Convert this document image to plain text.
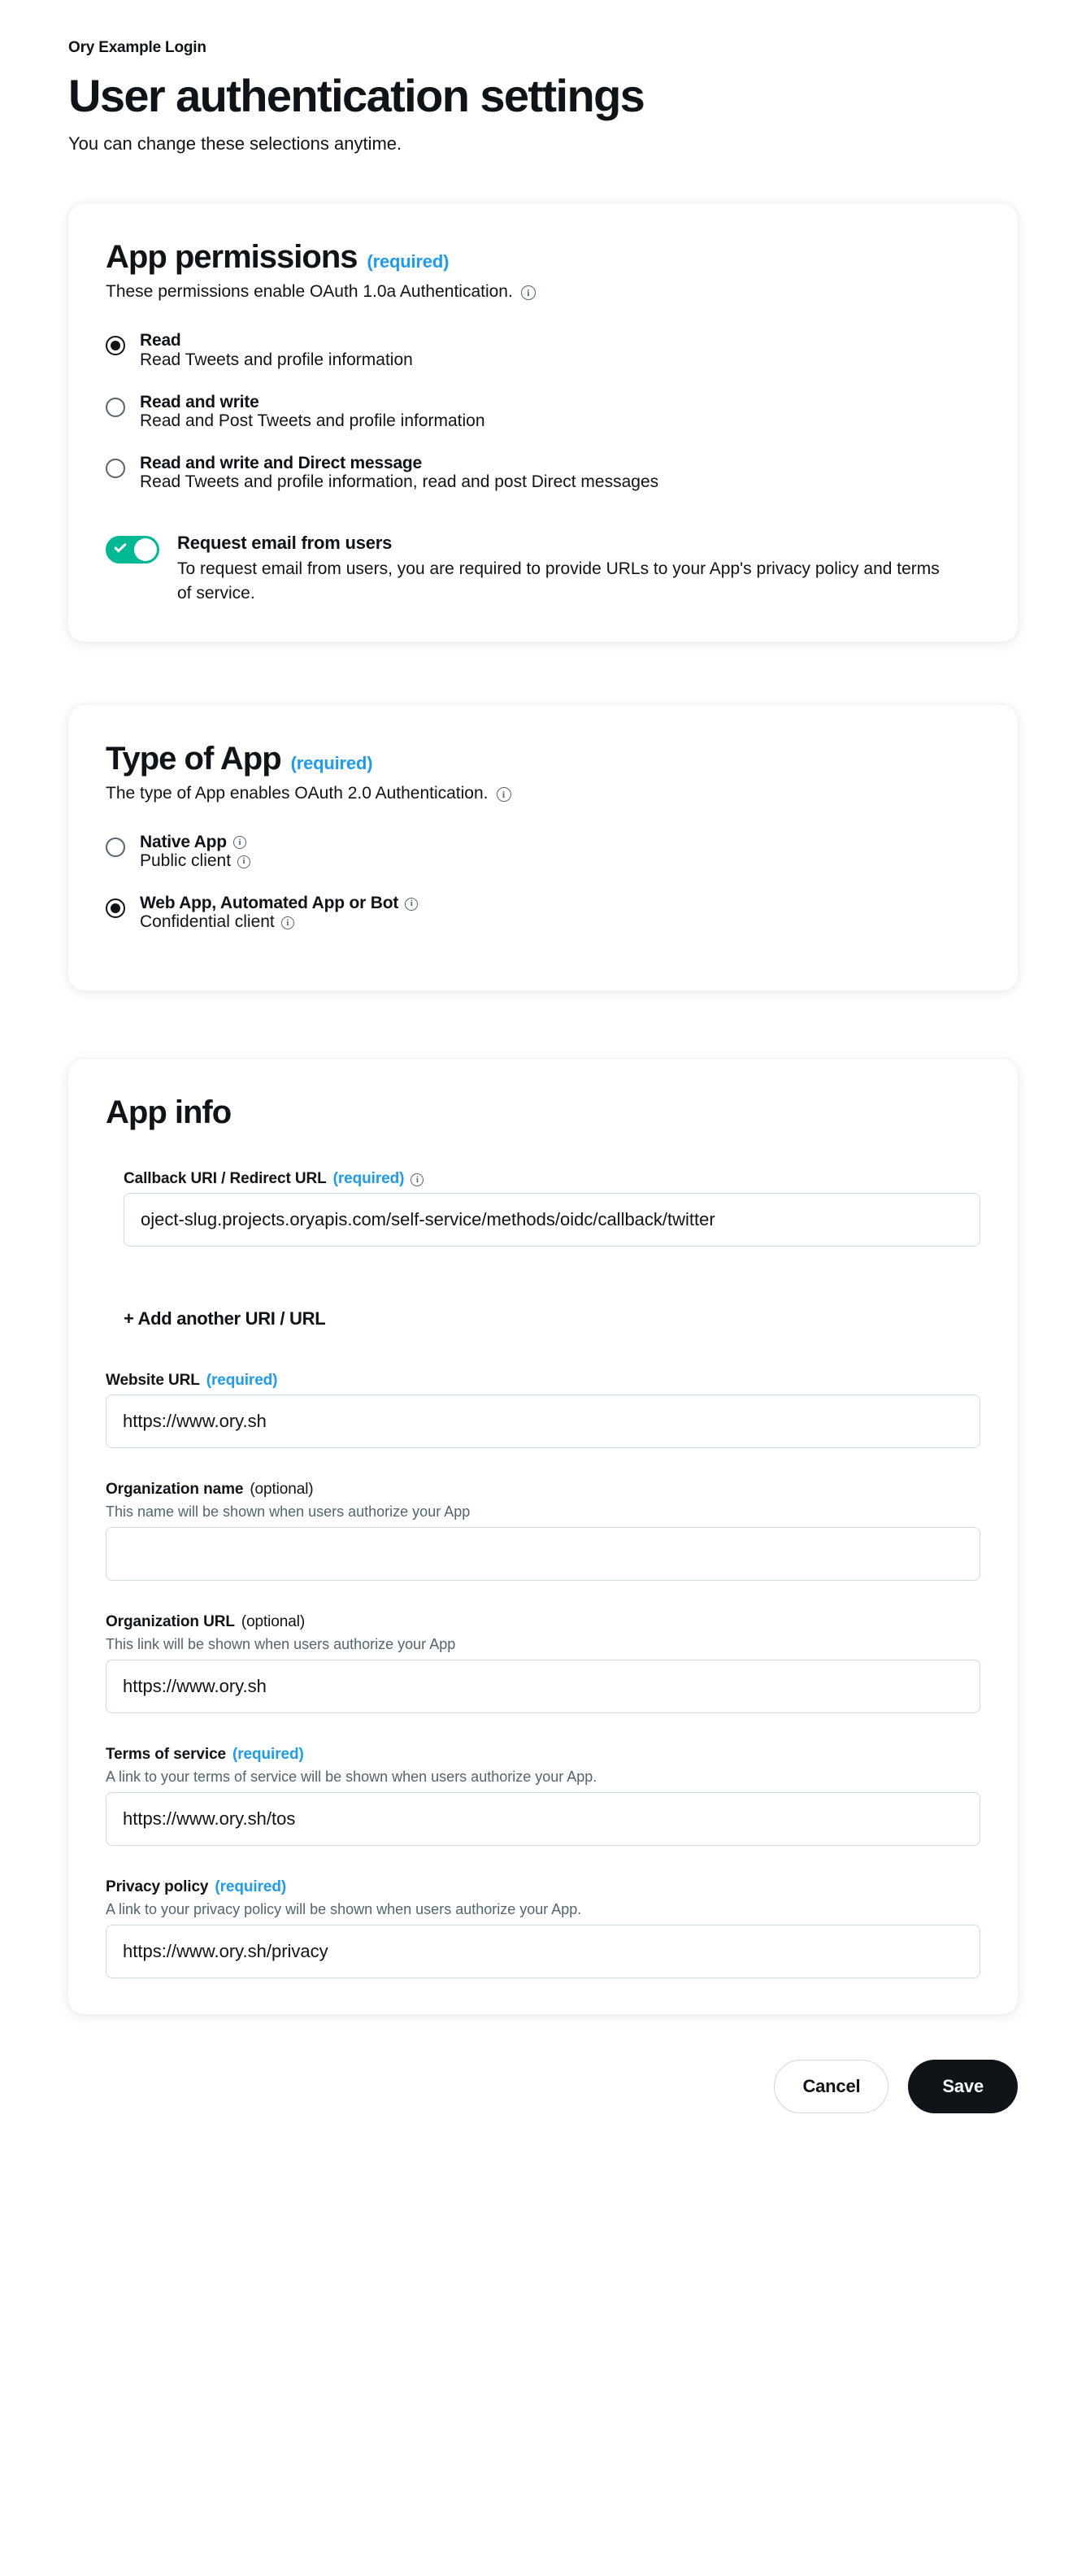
Ory Example Login
User authentication settings

You can change these selections anytime.

App permissions (required)
These permissions enable OAuth 1.0a Authentication.	i
Read
Read Tweets and profile information
Read and write
Read and Post Tweets and profile information
Read and write and Direct message
Read Tweets and profile information, read and post Direct messages
Request email from users
To request email from users, you are required to provide URLs to your App's privacy policy and terms of service.
Type of App (required)
The type of App enables OAuth 2.0 Authentication.	i
Native App	i
Public client	i
Web App, Automated App or Bot	i
Confidential client	i
App info
Callback URI / Redirect URL (required)	i
oject-slug.projects.oryapis.com/self-service/methods/oidc/callback/twitter
+ Add another URI / URL
Website URL (required)
https://www.ory.sh
Organization name (optional)

This name will be shown when users authorize your App

Organization URL (optional)

This link will be shown when users authorize your App

https://www.ory.sh
Terms of service (required)

A link to your terms of service will be shown when users authorize your App.

https://www.ory.sh/tos
Privacy policy (required)

A link to your privacy policy will be shown when users authorize your App.

https://www.ory.sh/privacy
Cancel	Save
